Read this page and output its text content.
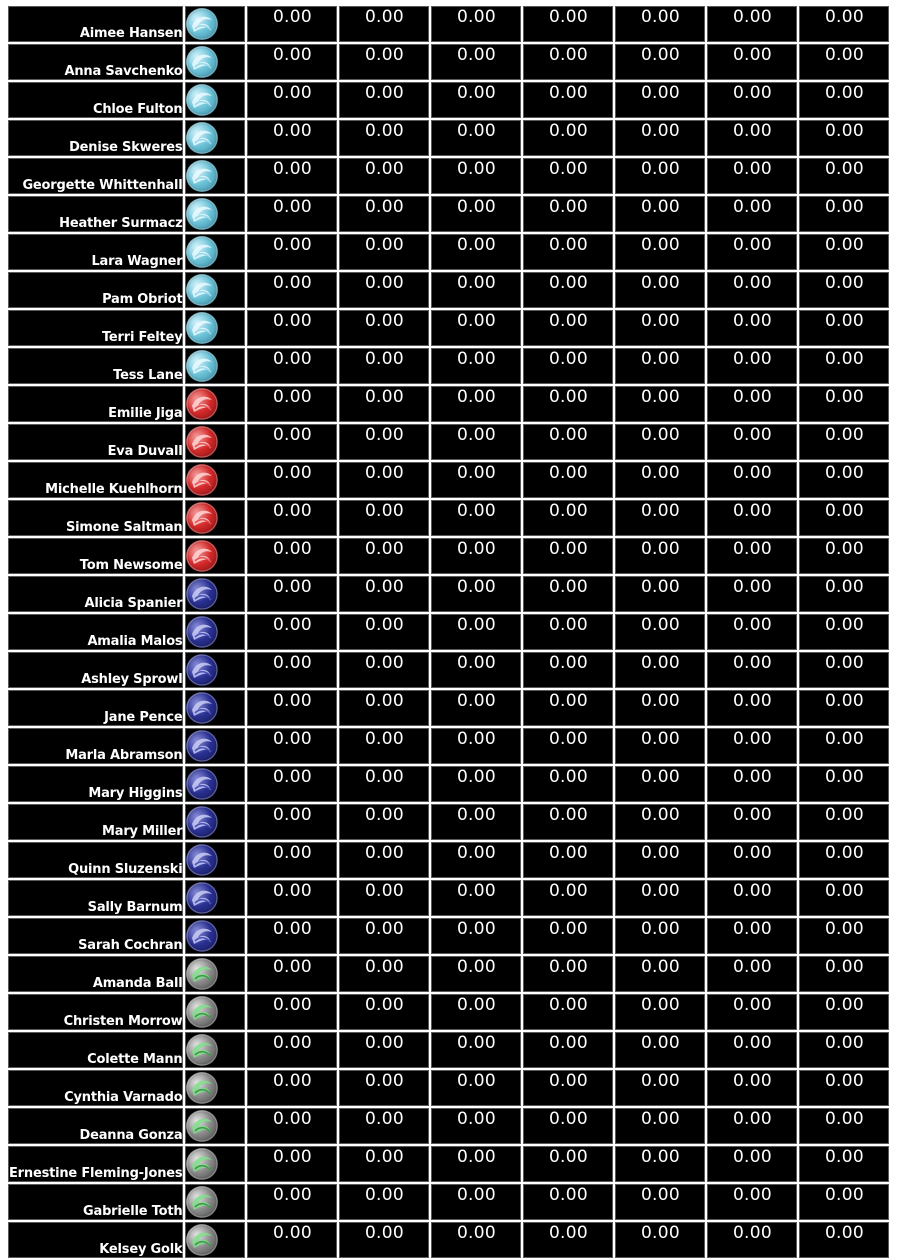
Aimee Hansen		0.00	0.00	0.00	0.00	0.00	0.00	0.00
Anna Savchenko		0.00	0.00	0.00	0.00	0.00	0.00	0.00
Chloe Fulton		0.00	0.00	0.00	0.00	0.00	0.00	0.00
Denise Skweres		0.00	0.00	0.00	0.00	0.00	0.00	0.00
Georgette Whittenhall		0.00	0.00	0.00	0.00	0.00	0.00	0.00
Heather Surmacz		0.00	0.00	0.00	0.00	0.00	0.00	0.00
Lara Wagner		0.00	0.00	0.00	0.00	0.00	0.00	0.00
Pam Obriot		0.00	0.00	0.00	0.00	0.00	0.00	0.00
Terri Feltey		0.00	0.00	0.00	0.00	0.00	0.00	0.00
Tess Lane		0.00	0.00	0.00	0.00	0.00	0.00	0.00
Emilie Jiga		0.00	0.00	0.00	0.00	0.00	0.00	0.00
Eva Duvall		0.00	0.00	0.00	0.00	0.00	0.00	0.00
Michelle Kuehlhorn		0.00	0.00	0.00	0.00	0.00	0.00	0.00
Simone Saltman		0.00	0.00	0.00	0.00	0.00	0.00	0.00
Tom Newsome		0.00	0.00	0.00	0.00	0.00	0.00	0.00
Alicia Spanier		0.00	0.00	0.00	0.00	0.00	0.00	0.00
Amalia Malos		0.00	0.00	0.00	0.00	0.00	0.00	0.00
Ashley Sprowl		0.00	0.00	0.00	0.00	0.00	0.00	0.00
Jane Pence		0.00	0.00	0.00	0.00	0.00	0.00	0.00
Marla Abramson		0.00	0.00	0.00	0.00	0.00	0.00	0.00
Mary Higgins		0.00	0.00	0.00	0.00	0.00	0.00	0.00
Mary Miller		0.00	0.00	0.00	0.00	0.00	0.00	0.00
Quinn Sluzenski		0.00	0.00	0.00	0.00	0.00	0.00	0.00
Sally Barnum		0.00	0.00	0.00	0.00	0.00	0.00	0.00
Sarah Cochran		0.00	0.00	0.00	0.00	0.00	0.00	0.00
Amanda Ball		0.00	0.00	0.00	0.00	0.00	0.00	0.00
Christen Morrow		0.00	0.00	0.00	0.00	0.00	0.00	0.00
Colette Mann		0.00	0.00	0.00	0.00	0.00	0.00	0.00
Cynthia Varnado		0.00	0.00	0.00	0.00	0.00	0.00	0.00
Deanna Gonza		0.00	0.00	0.00	0.00	0.00	0.00	0.00
Ernestine Fleming-Jones		0.00	0.00	0.00	0.00	0.00	0.00	0.00
Gabrielle Toth		0.00	0.00	0.00	0.00	0.00	0.00	0.00
Kelsey Golk		0.00	0.00	0.00	0.00	0.00	0.00	0.00
